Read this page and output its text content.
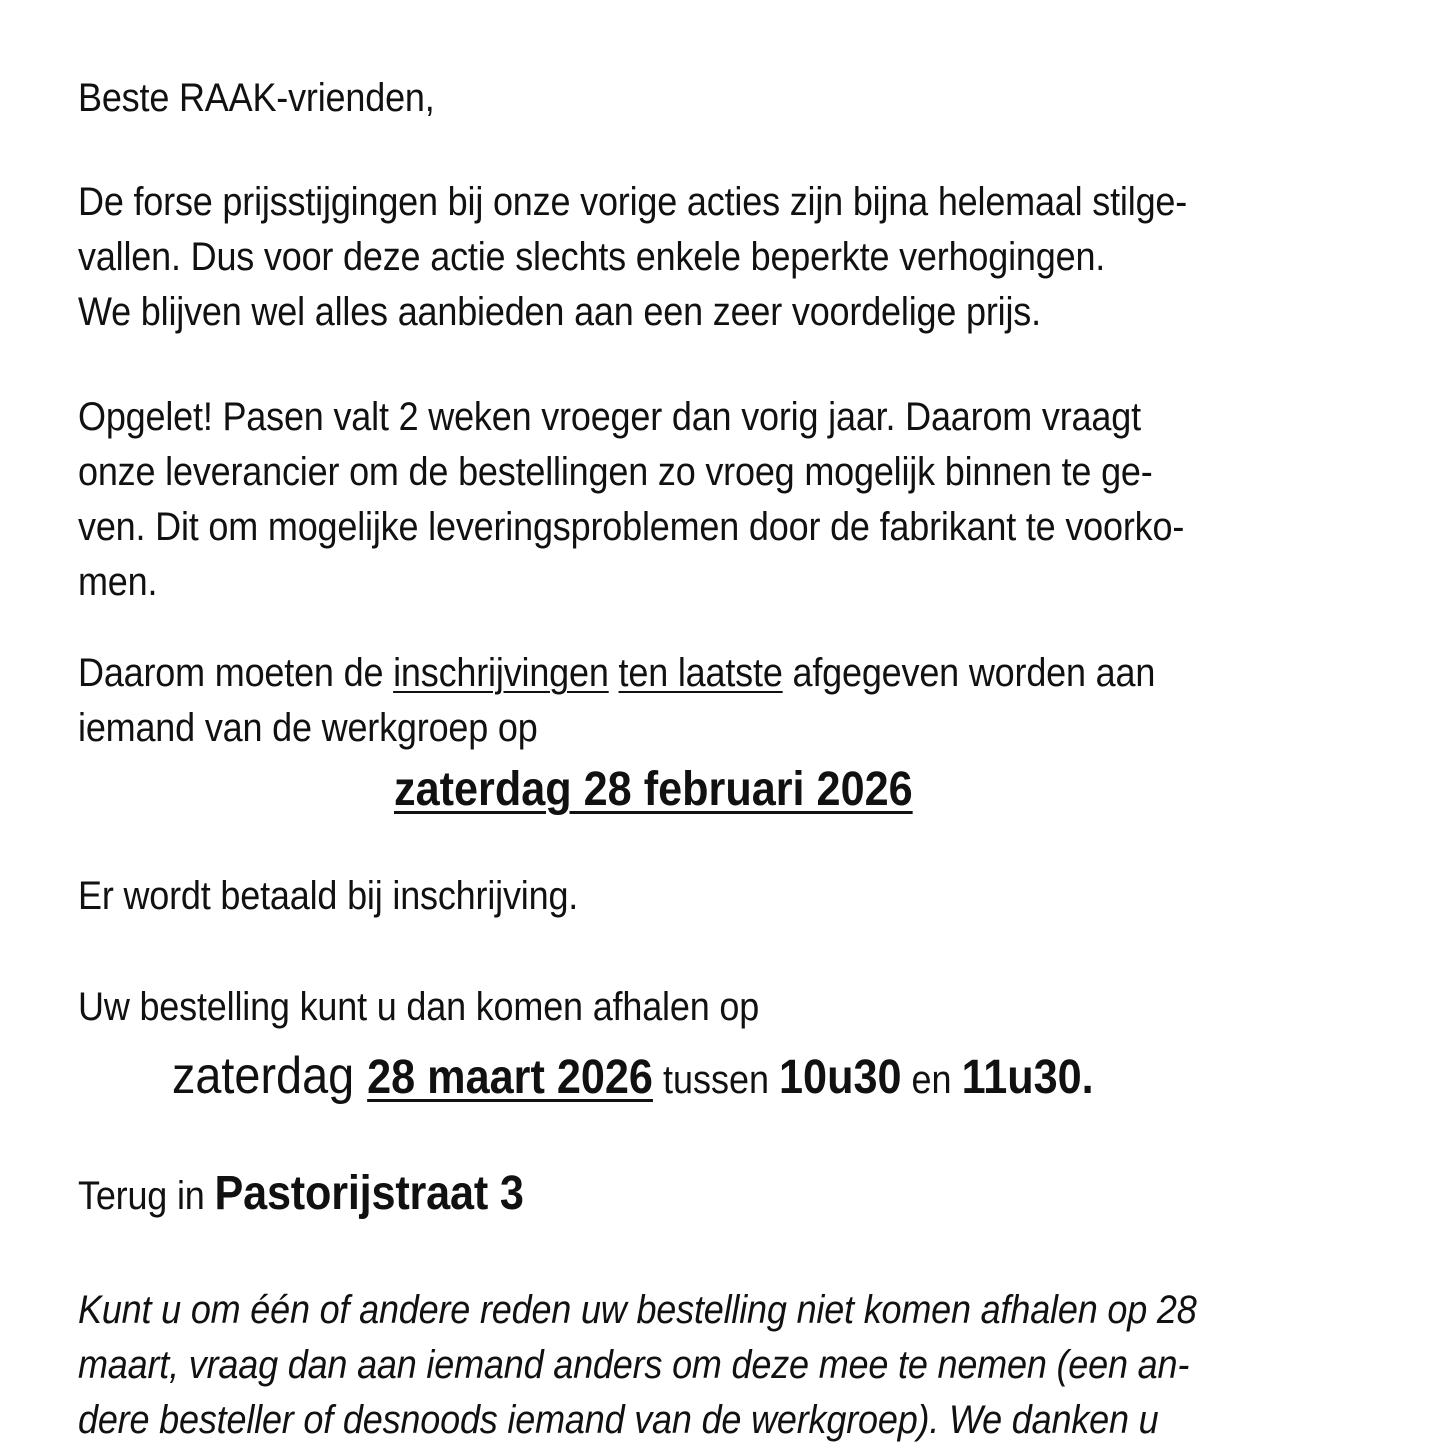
Beste RAAK-vrienden,
De forse prijsstijgingen bij onze vorige acties zijn bijna helemaal stilge-
vallen. Dus voor deze actie slechts enkele beperkte verhogingen.
We blijven wel alles aanbieden aan een zeer voordelige prijs.
Opgelet! Pasen valt 2 weken vroeger dan vorig jaar. Daarom vraagt
onze leverancier om de bestellingen zo vroeg mogelijk binnen te ge-
ven. Dit om mogelijke leveringsproblemen door de fabrikant te voorko-
men.
Daarom moeten de inschrijvingen ten laatste afgegeven worden aan
iemand van de werkgroep op
zaterdag 28 februari 2026
Er wordt betaald bij inschrijving.
Uw bestelling kunt u dan komen afhalen op
zaterdag 28 maart 2026 tussen 10u30 en 11u30.
Terug in Pastorijstraat 3
Kunt u om één of andere reden uw bestelling niet komen afhalen op 28
maart, vraag dan aan iemand anders om deze mee te nemen (een an-
dere besteller of desnoods iemand van de werkgroep). We danken u
